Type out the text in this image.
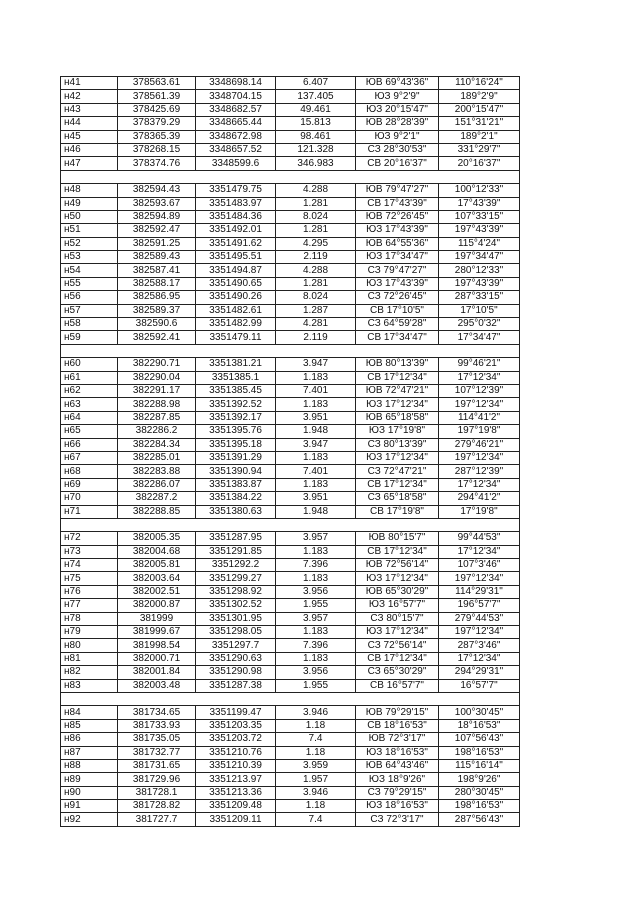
н41	378563.61	3348698.14	6.407	ЮВ 69°43'36"	110°16'24"
н42	378561.39	3348704.15	137.405	ЮЗ 9°2'9"	189°2'9"
н43	378425.69	3348682.57	49.461	ЮЗ 20°15'47"	200°15'47"
н44	378379.29	3348665.44	15.813	ЮВ 28°28'39"	151°31'21"
н45	378365.39	3348672.98	98.461	ЮЗ 9°2'1"	189°2'1"
н46	378268.15	3348657.52	121.328	СЗ 28°30'53"	331°29'7"
н47	378374.76	3348599.6	346.983	СВ 20°16'37"	20°16'37"

н48	382594.43	3351479.75	4.288	ЮВ 79°47'27"	100°12'33"
н49	382593.67	3351483.97	1.281	СВ 17°43'39"	17°43'39"
н50	382594.89	3351484.36	8.024	ЮВ 72°26'45"	107°33'15"
н51	382592.47	3351492.01	1.281	ЮЗ 17°43'39"	197°43'39"
н52	382591.25	3351491.62	4.295	ЮВ 64°55'36"	115°4'24"
н53	382589.43	3351495.51	2.119	ЮЗ 17°34'47"	197°34'47"
н54	382587.41	3351494.87	4.288	СЗ 79°47'27"	280°12'33"
н55	382588.17	3351490.65	1.281	ЮЗ 17°43'39"	197°43'39"
н56	382586.95	3351490.26	8.024	СЗ 72°26'45"	287°33'15"
н57	382589.37	3351482.61	1.287	СВ 17°10'5"	17°10'5"
н58	382590.6	3351482.99	4.281	СЗ 64°59'28"	295°0'32"
н59	382592.41	3351479.11	2.119	СВ 17°34'47"	17°34'47"

н60	382290.71	3351381.21	3.947	ЮВ 80°13'39"	99°46'21"
н61	382290.04	3351385.1	1.183	СВ 17°12'34"	17°12'34"
н62	382291.17	3351385.45	7.401	ЮВ 72°47'21"	107°12'39"
н63	382288.98	3351392.52	1.183	ЮЗ 17°12'34"	197°12'34"
н64	382287.85	3351392.17	3.951	ЮВ 65°18'58"	114°41'2"
н65	382286.2	3351395.76	1.948	ЮЗ 17°19'8"	197°19'8"
н66	382284.34	3351395.18	3.947	СЗ 80°13'39"	279°46'21"
н67	382285.01	3351391.29	1.183	ЮЗ 17°12'34"	197°12'34"
н68	382283.88	3351390.94	7.401	СЗ 72°47'21"	287°12'39"
н69	382286.07	3351383.87	1.183	СВ 17°12'34"	17°12'34"
н70	382287.2	3351384.22	3.951	СЗ 65°18'58"	294°41'2"
н71	382288.85	3351380.63	1.948	СВ 17°19'8"	17°19'8"

н72	382005.35	3351287.95	3.957	ЮВ 80°15'7"	99°44'53"
н73	382004.68	3351291.85	1.183	СВ 17°12'34"	17°12'34"
н74	382005.81	3351292.2	7.396	ЮВ 72°56'14"	107°3'46"
н75	382003.64	3351299.27	1.183	ЮЗ 17°12'34"	197°12'34"
н76	382002.51	3351298.92	3.956	ЮВ 65°30'29"	114°29'31"
н77	382000.87	3351302.52	1.955	ЮЗ 16°57'7"	196°57'7"
н78	381999	3351301.95	3.957	СЗ 80°15'7"	279°44'53"
н79	381999.67	3351298.05	1.183	ЮЗ 17°12'34"	197°12'34"
н80	381998.54	3351297.7	7.396	СЗ 72°56'14"	287°3'46"
н81	382000.71	3351290.63	1.183	СВ 17°12'34"	17°12'34"
н82	382001.84	3351290.98	3.956	СЗ 65°30'29"	294°29'31"
н83	382003.48	3351287.38	1.955	СВ 16°57'7"	16°57'7"

н84	381734.65	3351199.47	3.946	ЮВ 79°29'15"	100°30'45"
н85	381733.93	3351203.35	1.18	СВ 18°16'53"	18°16'53"
н86	381735.05	3351203.72	7.4	ЮВ 72°3'17"	107°56'43"
н87	381732.77	3351210.76	1.18	ЮЗ 18°16'53"	198°16'53"
н88	381731.65	3351210.39	3.959	ЮВ 64°43'46"	115°16'14"
н89	381729.96	3351213.97	1.957	ЮЗ 18°9'26"	198°9'26"
н90	381728.1	3351213.36	3.946	СЗ 79°29'15"	280°30'45"
н91	381728.82	3351209.48	1.18	ЮЗ 18°16'53"	198°16'53"
н92	381727.7	3351209.11	7.4	СЗ 72°3'17"	287°56'43"
